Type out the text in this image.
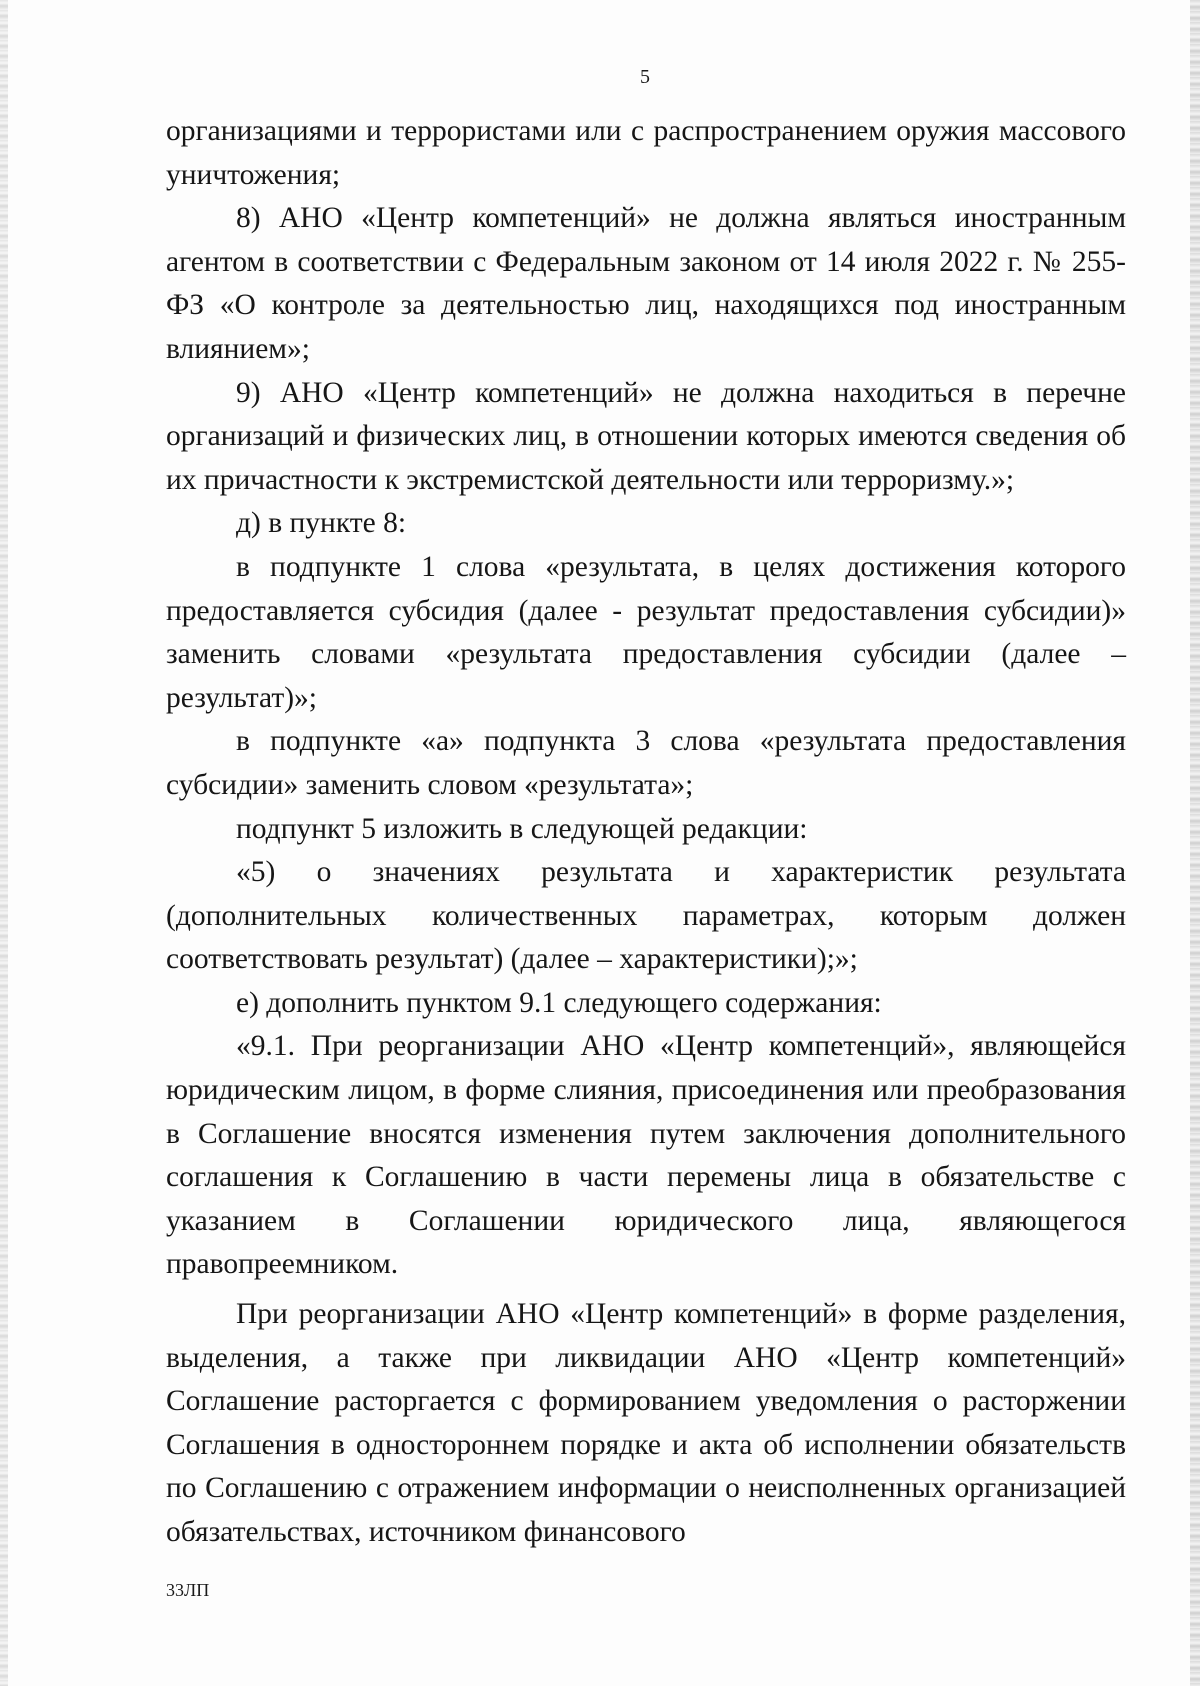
5

организациями и террористами или с распространением оружия массового уничтожения;

8) АНО «Центр компетенций» не должна являться иностранным агентом в соответствии с Федеральным законом от 14 июля 2022 г. № 255-ФЗ «О контроле за деятельностью лиц, находящихся под иностранным влиянием»;

9) АНО «Центр компетенций» не должна находиться в перечне организаций и физических лиц, в отношении которых имеются сведения об их причастности к экстремистской деятельности или терроризму.»;

д) в пункте 8:

в подпункте 1 слова «результата, в целях достижения которого предоставляется субсидия (далее - результат предоставления субсидии)» заменить словами «результата предоставления субсидии (далее – результат)»;

в подпункте «а» подпункта 3 слова «результата предоставления субсидии» заменить словом «результата»;

подпункт 5 изложить в следующей редакции:

«5) о значениях результата и характеристик результата (дополнительных количественных параметрах, которым должен соответствовать результат) (далее – характеристики);»;

е) дополнить пунктом 9.1 следующего содержания:

«9.1. При реорганизации АНО «Центр компетенций», являющейся юридическим лицом, в форме слияния, присоединения или преобразования в Соглашение вносятся изменения путем заключения дополнительного соглашения к Соглашению в части перемены лица в обязательстве с указанием в Соглашении юридического лица, являющегося правопреемником.

При реорганизации АНО «Центр компетенций» в форме разделения, выделения, а также при ликвидации АНО «Центр компетенций» Соглашение расторгается с формированием уведомления о расторжении Соглашения в одностороннем порядке и акта об исполнении обязательств по Соглашению с отражением информации о неисполненных организацией обязательствах, источником финансового

33ЛП
